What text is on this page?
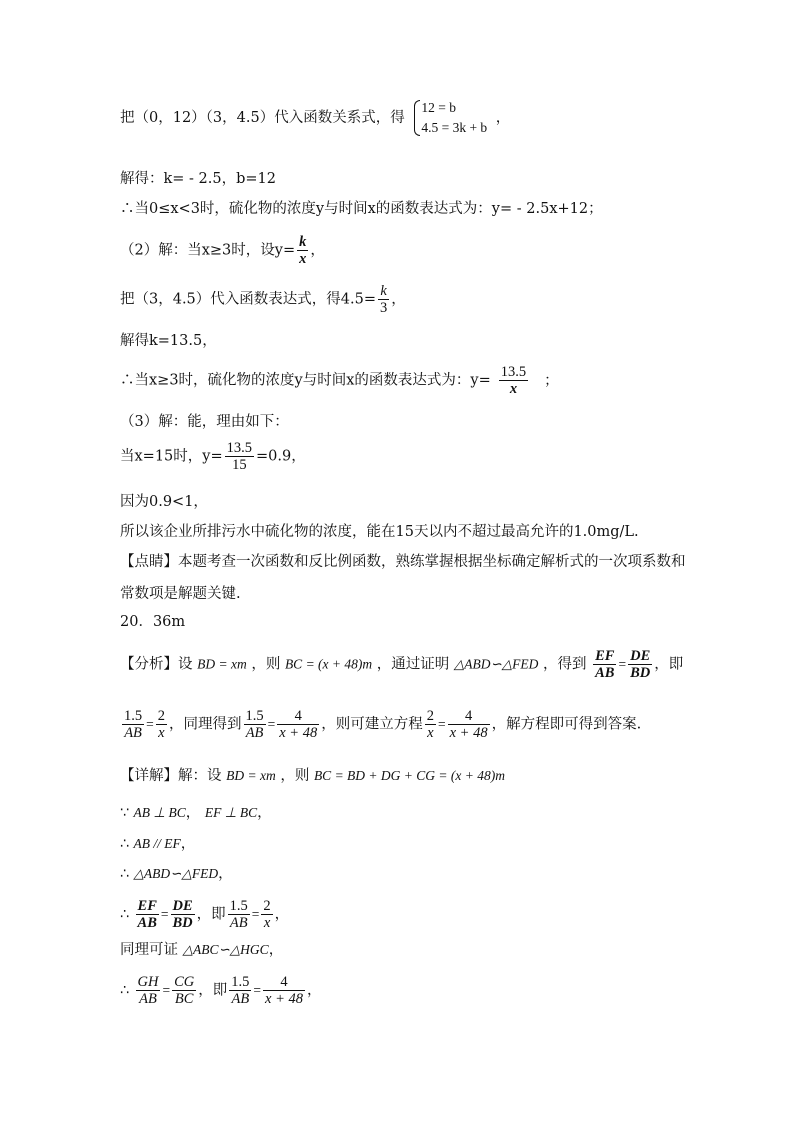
把（0，12）（3，4.5）代入函数关系式，得
12 = b
4.5 = 3k + b
，
解得：k= - 2.5，b=12
∴当0≤x<3时，硫化物的浓度y与时间x的函数表达式为：y= - 2.5x+12；
（2）解：当x≥3时，设$y= \frac{k}{x}$ ，
把（3，4.5）代入函数表达式，得$4.5= \frac{k}{3}$ ，
解得k=13.5，
∴当x≥3时，硫化物的浓度y与时间x的函数表达式为：$y= \frac{13.5}{x}$ ；
（3）解：能，理由如下：
当x=15时，$y= \frac{13.5}{15} =0.9$，
因为0.9<1，
所以该企业所排污水中硫化物的浓度，能在15天以内不超过最高允许的1.0mg/L.
【点睛】本题考查一次函数和反比例函数，熟练掌握根据坐标确定解析式的一次项系数和
常数项是解题关键.
20．36m
【分析】设 BD = xm ，则 BC = (x + 48)m ，通过证明 △ABD∽△FED ，得到 $\frac{EF}{AB} = \frac{DE}{BD}$ ，即
$\frac{1.5}{AB} = \frac{2}{x}$ ，同理得到 $\frac{1.5}{AB} = \frac{4}{x + 48}$ ，则可建立方程 $\frac{2}{x} = \frac{4}{x + 48}$ ，解方程即可得到答案.
【详解】解：设 BD = xm ，则 BC = BD + DG + CG = (x + 48)m
∵ AB ⊥ BC， EF ⊥ BC，
∴ AB // EF，
∴ △ABD∽△FED，
∴ $\frac{EF}{AB} = \frac{DE}{BD}$ ，即 $\frac{1.5}{AB} = \frac{2}{x}$ ，
同理可证 △ABC∽△HGC，
∴ $\frac{GH}{AB} = \frac{CG}{BC}$ ，即 $\frac{1.5}{AB} = \frac{4}{x + 48}$ ，
